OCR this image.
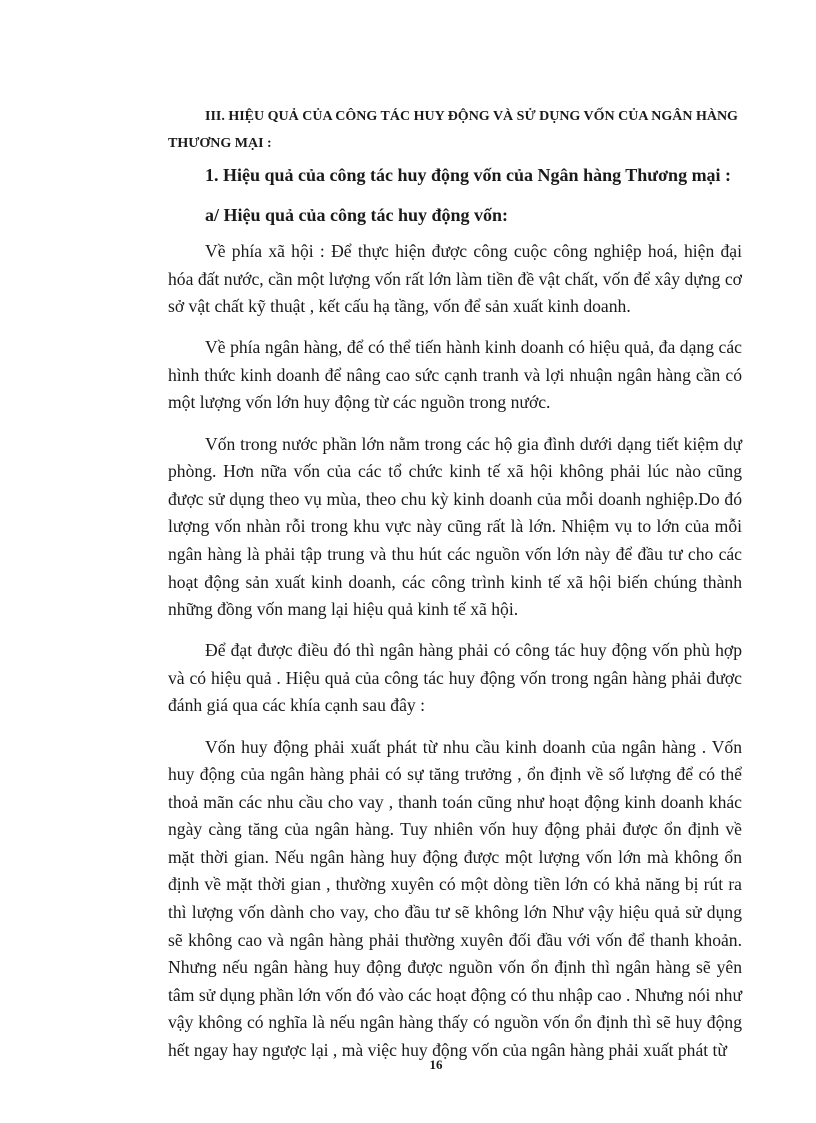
III. HIỆU QUẢ CỦA CÔNG TÁC HUY ĐỘNG VÀ SỬ DỤNG VỐN CỦA NGÂN HÀNG
THƯƠNG MẠI :
1. Hiệu quả của công tác huy động vốn của Ngân hàng Thương mại :
a/ Hiệu quả của công tác huy động vốn:

Về phía xã hội : Để thực hiện được công cuộc công nghiệp hoá, hiện đại hóa đất nước, cần một lượng vốn rất lớn làm tiền đề vật chất, vốn để xây dựng cơ sở vật chất kỹ thuật , kết cấu hạ tầng, vốn để sản xuất kinh doanh.

Về phía ngân hàng, để có thể tiến hành kinh doanh có hiệu quả, đa dạng các hình thức kinh doanh để nâng cao sức cạnh tranh và lợi nhuận ngân hàng cần có một lượng vốn lớn huy động từ các nguồn trong nước.

Vốn trong nước phần lớn nằm trong các hộ gia đình dưới dạng tiết kiệm dự phòng. Hơn nữa vốn của các tổ chức kinh tế xã hội không phải lúc nào cũng được sử dụng theo vụ mùa, theo chu kỳ kinh doanh của mỗi doanh nghiệp.Do đó lượng vốn nhàn rỗi trong khu vực này cũng rất là lớn. Nhiệm vụ to lớn của mỗi ngân hàng là phải tập trung và thu hút các nguồn vốn lớn này để đầu tư cho các hoạt động sản xuất kinh doanh, các công trình kinh tế xã hội biến chúng thành những đồng vốn mang lại hiệu quả kinh tế xã hội.

Để đạt được điều đó thì ngân hàng phải có công tác huy động vốn phù hợp và có hiệu quả . Hiệu quả của công tác huy động vốn trong ngân hàng phải được đánh giá qua các khía cạnh sau đây :

Vốn huy động phải xuất phát từ nhu cầu kinh doanh của ngân hàng . Vốn huy động của ngân hàng phải có sự tăng trưởng , ổn định về số lượng để có thể thoả mãn các nhu cầu cho vay , thanh toán cũng như hoạt động kinh doanh khác ngày càng tăng của ngân hàng. Tuy nhiên vốn huy động phải được ổn định về mặt thời gian. Nếu ngân hàng huy động được một lượng vốn lớn mà không ổn định về mặt thời gian , thường xuyên có một dòng tiền lớn có khả năng bị rút ra thì lượng vốn dành cho vay, cho đầu tư sẽ không lớn Như vậy hiệu quả sử dụng sẽ không cao và ngân hàng phải thường xuyên đối đầu với vốn để thanh khoản. Nhưng nếu ngân hàng huy động được nguồn vốn ổn định thì ngân hàng sẽ yên tâm sử dụng phần lớn vốn đó vào các hoạt động có thu nhập cao . Nhưng nói như vậy không có nghĩa là nếu ngân hàng thấy có nguồn vốn ổn định thì sẽ huy động hết ngay hay ngược lại , mà việc huy động vốn của ngân hàng phải xuất phát từ

16
